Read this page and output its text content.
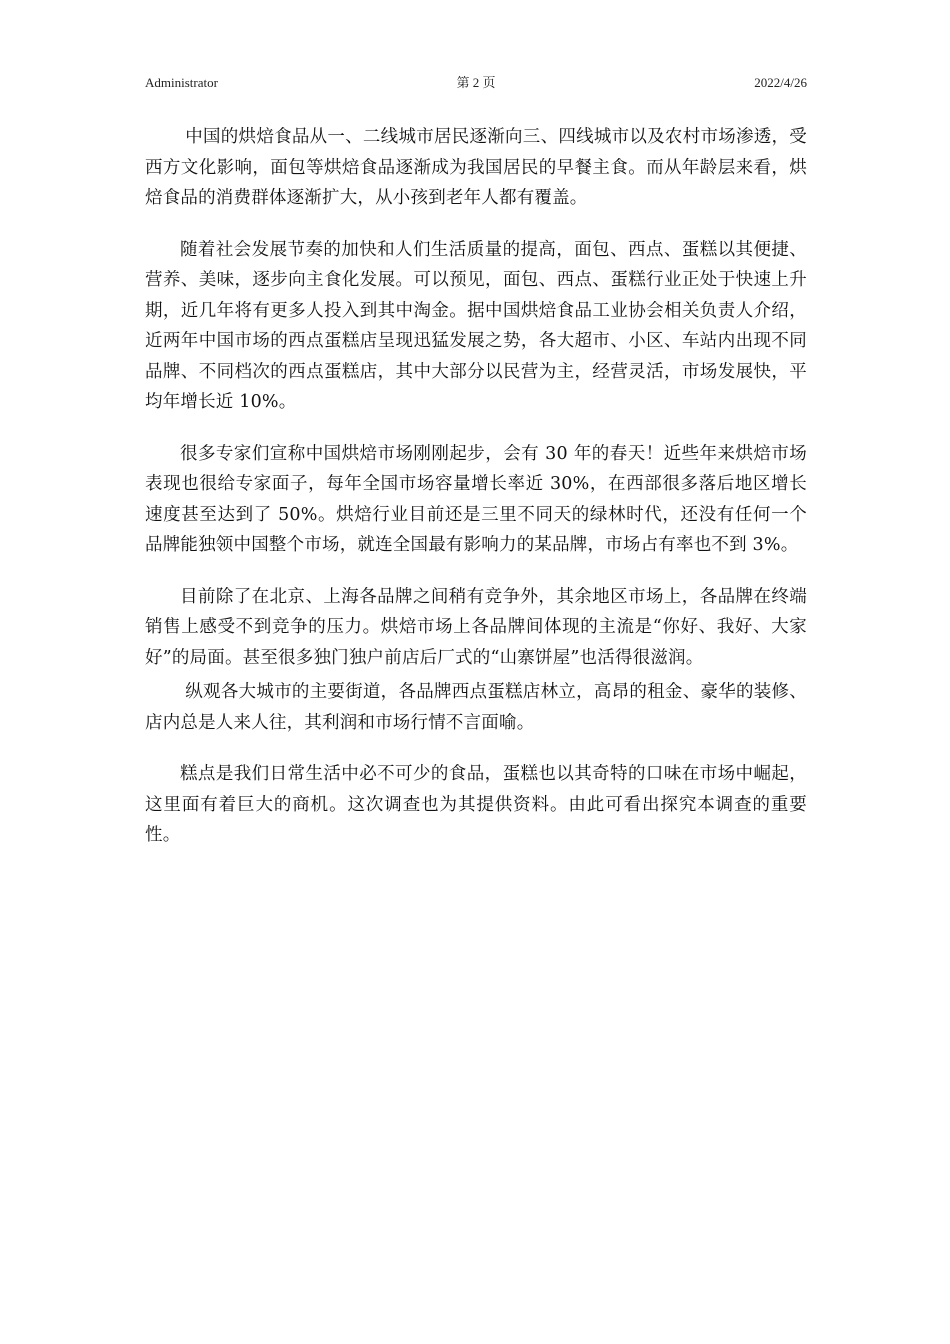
Administrator	第 2 页	2022/4/26

中国的烘焙食品从一、二线城市居民逐渐向三、四线城市以及农村市场渗透，受西方文化影响，面包等烘焙食品逐渐成为我国居民的早餐主食。而从年龄层来看，烘焙食品的消费群体逐渐扩大，从小孩到老年人都有覆盖。

随着社会发展节奏的加快和人们生活质量的提高，面包、西点、蛋糕以其便捷、营养、美味，逐步向主食化发展。可以预见，面包、西点、蛋糕行业正处于快速上升期，近几年将有更多人投入到其中淘金。据中国烘焙食品工业协会相关负责人介绍，近两年中国市场的西点蛋糕店呈现迅猛发展之势，各大超市、小区、车站内出现不同品牌、不同档次的西点蛋糕店，其中大部分以民营为主，经营灵活，市场发展快，平均年增长近 10%。

很多专家们宣称中国烘焙市场刚刚起步，会有 30 年的春天！近些年来烘焙市场表现也很给专家面子，每年全国市场容量增长率近 30%，在西部很多落后地区增长速度甚至达到了 50%。烘焙行业目前还是三里不同天的绿林时代，还没有任何一个品牌能独领中国整个市场，就连全国最有影响力的某品牌，市场占有率也不到 3%。

目前除了在北京、上海各品牌之间稍有竞争外，其余地区市场上，各品牌在终端销售上感受不到竞争的压力。烘焙市场上各品牌间体现的主流是“你好、我好、大家好”的局面。甚至很多独门独户前店后厂式的“山寨饼屋”也活得很滋润。

纵观各大城市的主要街道，各品牌西点蛋糕店林立，高昂的租金、豪华的装修、店内总是人来人往，其利润和市场行情不言面喻。

糕点是我们日常生活中必不可少的食品，蛋糕也以其奇特的口味在市场中崛起，这里面有着巨大的商机。这次调查也为其提供资料。由此可看出探究本调查的重要性。
